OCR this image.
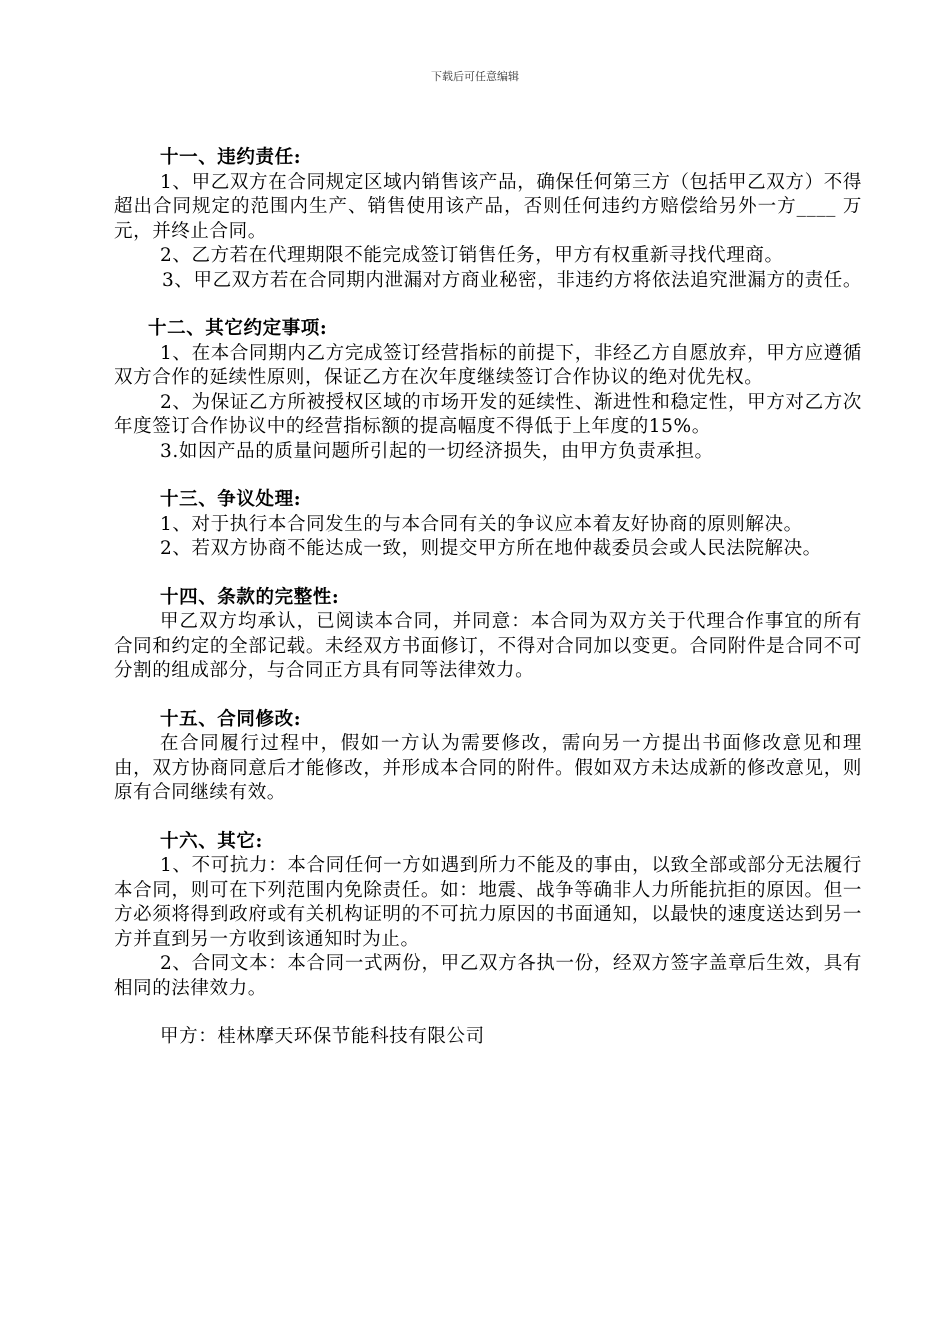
下载后可任意编辑
十一、违约责任:
1、甲乙双方在合同规定区域内销售该产品，确保任何第三方（包括甲乙双方）不得超出合同规定的范围内生产、销售使用该产品，否则任何违约方赔偿给另外一方____ 万元，并终止合同。
2、乙方若在代理期限不能完成签订销售任务，甲方有权重新寻找代理商。
3、甲乙双方若在合同期内泄漏对方商业秘密，非违约方将依法追究泄漏方的责任。
十二、其它约定事项:
1、在本合同期内乙方完成签订经营指标的前提下，非经乙方自愿放弃，甲方应遵循双方合作的延续性原则，保证乙方在次年度继续签订合作协议的绝对优先权。
2、为保证乙方所被授权区域的市场开发的延续性、渐进性和稳定性，甲方对乙方次年度签订合作协议中的经营指标额的提高幅度不得低于上年度的15%。
3.如因产品的质量问题所引起的一切经济损失，由甲方负责承担。
十三、争议处理:
1、对于执行本合同发生的与本合同有关的争议应本着友好协商的原则解决。
2、若双方协商不能达成一致，则提交甲方所在地仲裁委员会或人民法院解决。
十四、条款的完整性:
甲乙双方均承认，已阅读本合同，并同意：本合同为双方关于代理合作事宜的所有合同和约定的全部记载。未经双方书面修订，不得对合同加以变更。合同附件是合同不可分割的组成部分，与合同正方具有同等法律效力。
十五、合同修改:
在合同履行过程中，假如一方认为需要修改，需向另一方提出书面修改意见和理由，双方协商同意后才能修改，并形成本合同的附件。假如双方未达成新的修改意见，则原有合同继续有效。
十六、其它:
1、不可抗力：本合同任何一方如遇到所力不能及的事由，以致全部或部分无法履行本合同，则可在下列范围内免除责任。如：地震、战争等确非人力所能抗拒的原因。但一方必须将得到政府或有关机构证明的不可抗力原因的书面通知，以最快的速度送达到另一方并直到另一方收到该通知时为止。
2、合同文本：本合同一式两份，甲乙双方各执一份，经双方签字盖章后生效，具有相同的法律效力。
甲方：桂林摩天环保节能科技有限公司
